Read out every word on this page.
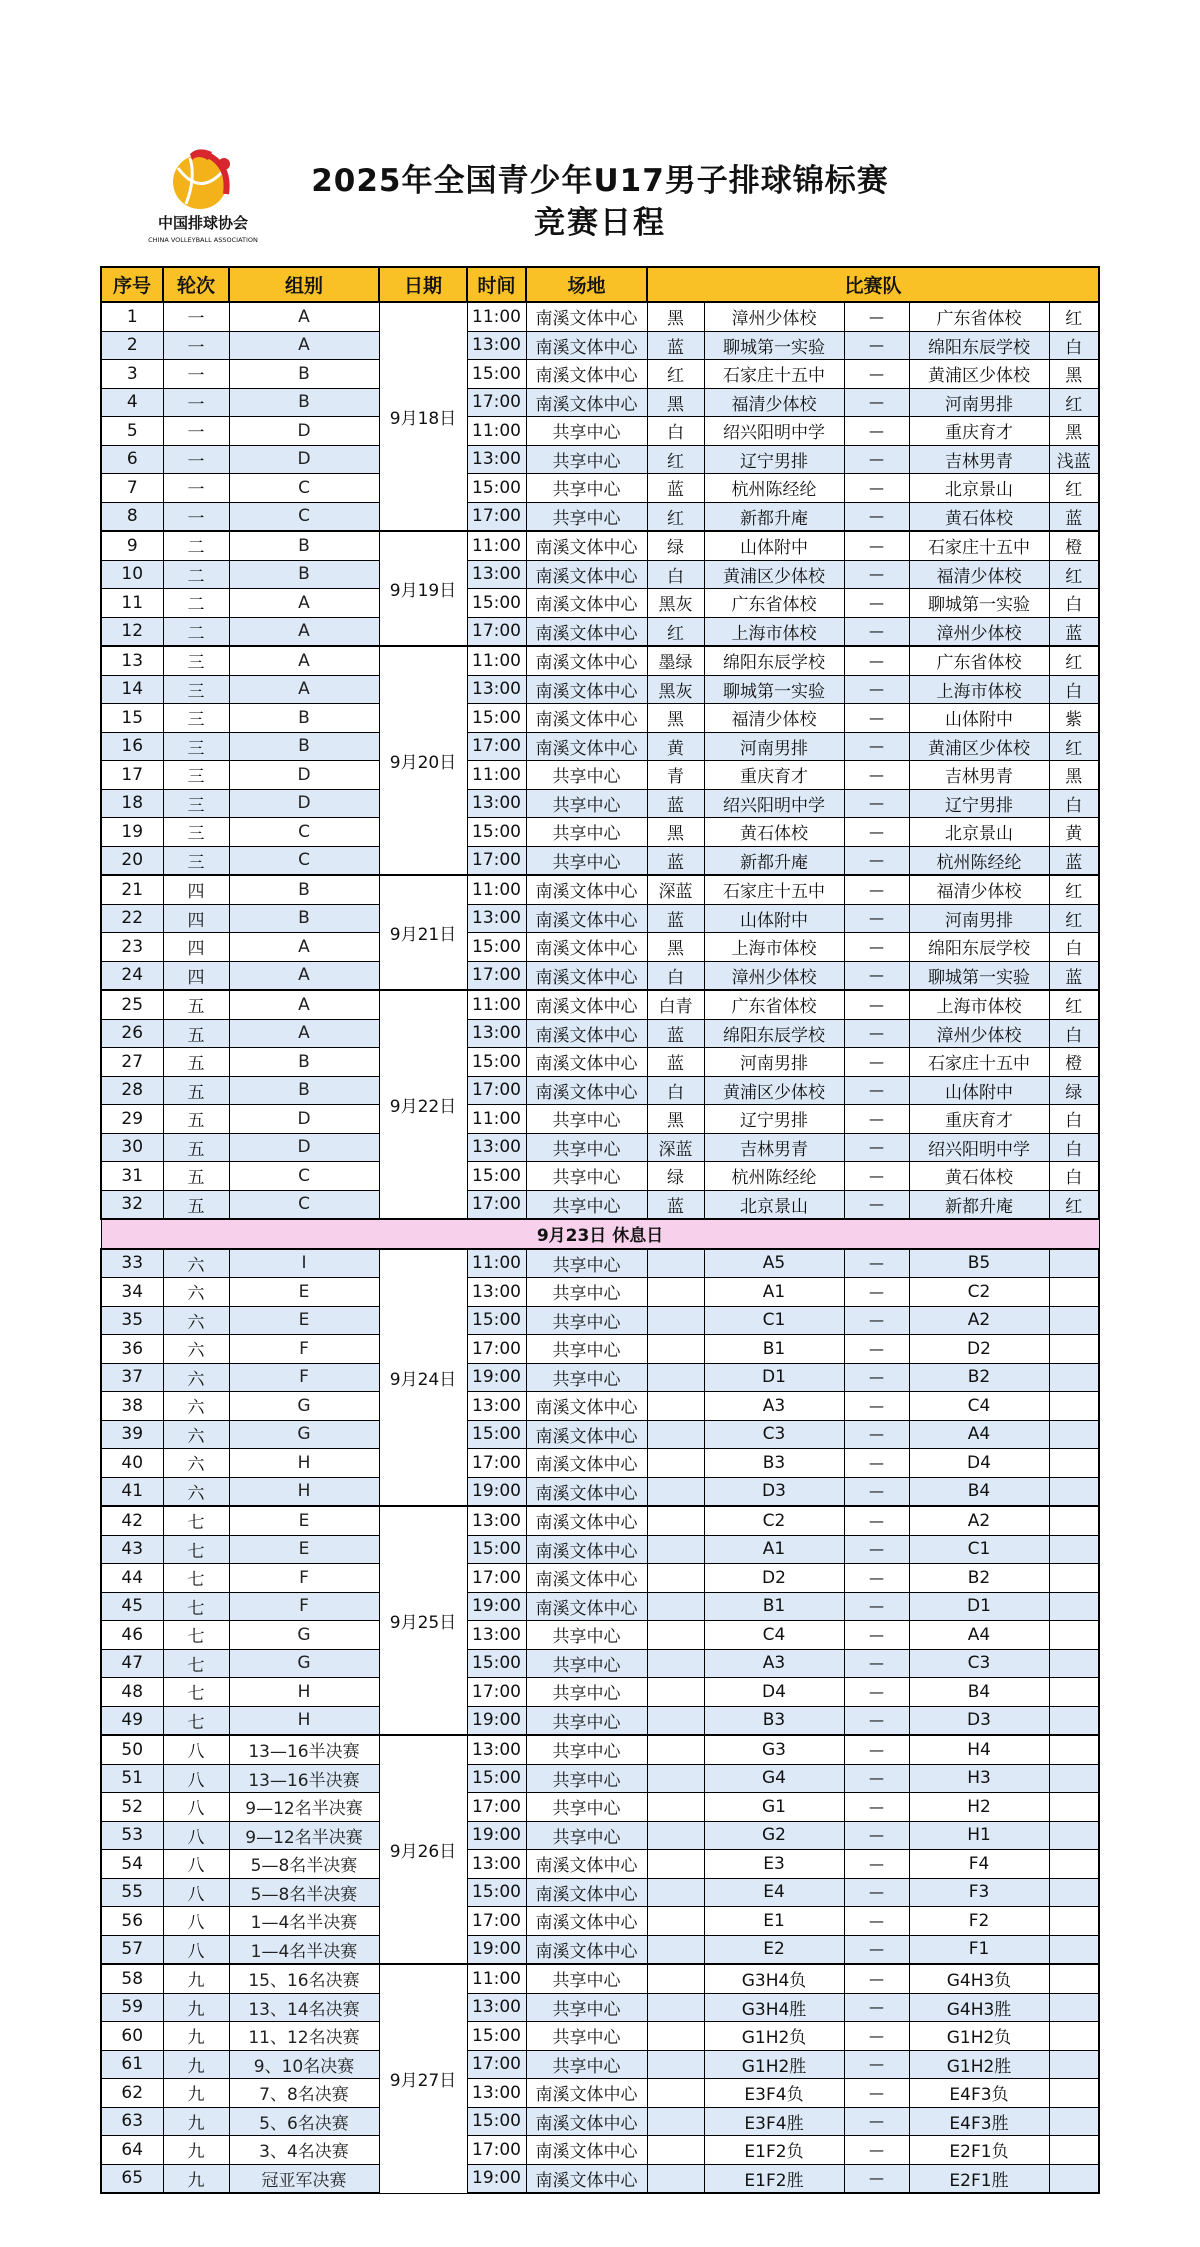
中国排球协会
CHINA VOLLEYBALL ASSOCIATION
2025年全国青少年U17男子排球锦标赛
竞赛日程
序号	轮次	组别	日期	时间	场地	比赛队				
1	一	A	9月18日	11:00	南溪文体中心	黑	漳州少体校	—	广东省体校	红
2	一	A		13:00	南溪文体中心	蓝	聊城第一实验	—	绵阳东辰学校	白
3	一	B		15:00	南溪文体中心	红	石家庄十五中	—	黄浦区少体校	黑
4	一	B		17:00	南溪文体中心	黑	福清少体校	—	河南男排	红
5	一	D		11:00	共享中心	白	绍兴阳明中学	—	重庆育才	黑
6	一	D		13:00	共享中心	红	辽宁男排	—	吉林男青	浅蓝
7	一	C		15:00	共享中心	蓝	杭州陈经纶	—	北京景山	红
8	一	C		17:00	共享中心	红	新都升庵	—	黄石体校	蓝
9	二	B	9月19日	11:00	南溪文体中心	绿	山体附中	—	石家庄十五中	橙
10	二	B		13:00	南溪文体中心	白	黄浦区少体校	—	福清少体校	红
11	二	A		15:00	南溪文体中心	黑灰	广东省体校	—	聊城第一实验	白
12	二	A		17:00	南溪文体中心	红	上海市体校	—	漳州少体校	蓝
13	三	A	9月20日	11:00	南溪文体中心	墨绿	绵阳东辰学校	—	广东省体校	红
14	三	A		13:00	南溪文体中心	黑灰	聊城第一实验	—	上海市体校	白
15	三	B		15:00	南溪文体中心	黑	福清少体校	—	山体附中	紫
16	三	B		17:00	南溪文体中心	黄	河南男排	—	黄浦区少体校	红
17	三	D		11:00	共享中心	青	重庆育才	—	吉林男青	黑
18	三	D		13:00	共享中心	蓝	绍兴阳明中学	—	辽宁男排	白
19	三	C		15:00	共享中心	黑	黄石体校	—	北京景山	黄
20	三	C		17:00	共享中心	蓝	新都升庵	—	杭州陈经纶	蓝
21	四	B	9月21日	11:00	南溪文体中心	深蓝	石家庄十五中	—	福清少体校	红
22	四	B		13:00	南溪文体中心	蓝	山体附中	—	河南男排	红
23	四	A		15:00	南溪文体中心	黑	上海市体校	—	绵阳东辰学校	白
24	四	A		17:00	南溪文体中心	白	漳州少体校	—	聊城第一实验	蓝
25	五	A	9月22日	11:00	南溪文体中心	白青	广东省体校	—	上海市体校	红
26	五	A		13:00	南溪文体中心	蓝	绵阳东辰学校	—	漳州少体校	白
27	五	B		15:00	南溪文体中心	蓝	河南男排	—	石家庄十五中	橙
28	五	B		17:00	南溪文体中心	白	黄浦区少体校	—	山体附中	绿
29	五	D		11:00	共享中心	黑	辽宁男排	—	重庆育才	白
30	五	D		13:00	共享中心	深蓝	吉林男青	—	绍兴阳明中学	白
31	五	C		15:00	共享中心	绿	杭州陈经纶	—	黄石体校	白
32	五	C		17:00	共享中心	蓝	北京景山	—	新都升庵	红
9月23日 休息日										
33	六	I	9月24日	11:00	共享中心		A5	—	B5	
34	六	E		13:00	共享中心		A1	—	C2	
35	六	E		15:00	共享中心		C1	—	A2	
36	六	F		17:00	共享中心		B1	—	D2	
37	六	F		19:00	共享中心		D1	—	B2	
38	六	G		13:00	南溪文体中心		A3	—	C4	
39	六	G		15:00	南溪文体中心		C3	—	A4	
40	六	H		17:00	南溪文体中心		B3	—	D4	
41	六	H		19:00	南溪文体中心		D3	—	B4	
42	七	E	9月25日	13:00	南溪文体中心		C2	—	A2	
43	七	E		15:00	南溪文体中心		A1	—	C1	
44	七	F		17:00	南溪文体中心		D2	—	B2	
45	七	F		19:00	南溪文体中心		B1	—	D1	
46	七	G		13:00	共享中心		C4	—	A4	
47	七	G		15:00	共享中心		A3	—	C3	
48	七	H		17:00	共享中心		D4	—	B4	
49	七	H		19:00	共享中心		B3	—	D3	
50	八	13—16半决赛	9月26日	13:00	共享中心		G3	—	H4	
51	八	13—16半决赛		15:00	共享中心		G4	—	H3	
52	八	9—12名半决赛		17:00	共享中心		G1	—	H2	
53	八	9—12名半决赛		19:00	共享中心		G2	—	H1	
54	八	5—8名半决赛		13:00	南溪文体中心		E3	—	F4	
55	八	5—8名半决赛		15:00	南溪文体中心		E4	—	F3	
56	八	1—4名半决赛		17:00	南溪文体中心		E1	—	F2	
57	八	1—4名半决赛		19:00	南溪文体中心		E2	—	F1	
58	九	15、16名决赛	9月27日	11:00	共享中心		G3H4负	—	G4H3负	
59	九	13、14名决赛		13:00	共享中心		G3H4胜	—	G4H3胜	
60	九	11、12名决赛		15:00	共享中心		G1H2负	—	G1H2负	
61	九	9、10名决赛		17:00	共享中心		G1H2胜	—	G1H2胜	
62	九	7、8名决赛		13:00	南溪文体中心		E3F4负	—	E4F3负	
63	九	5、6名决赛		15:00	南溪文体中心		E3F4胜	—	E4F3胜	
64	九	3、4名决赛		17:00	南溪文体中心		E1F2负	—	E2F1负	
65	九	冠亚军决赛		19:00	南溪文体中心		E1F2胜	—	E2F1胜	
